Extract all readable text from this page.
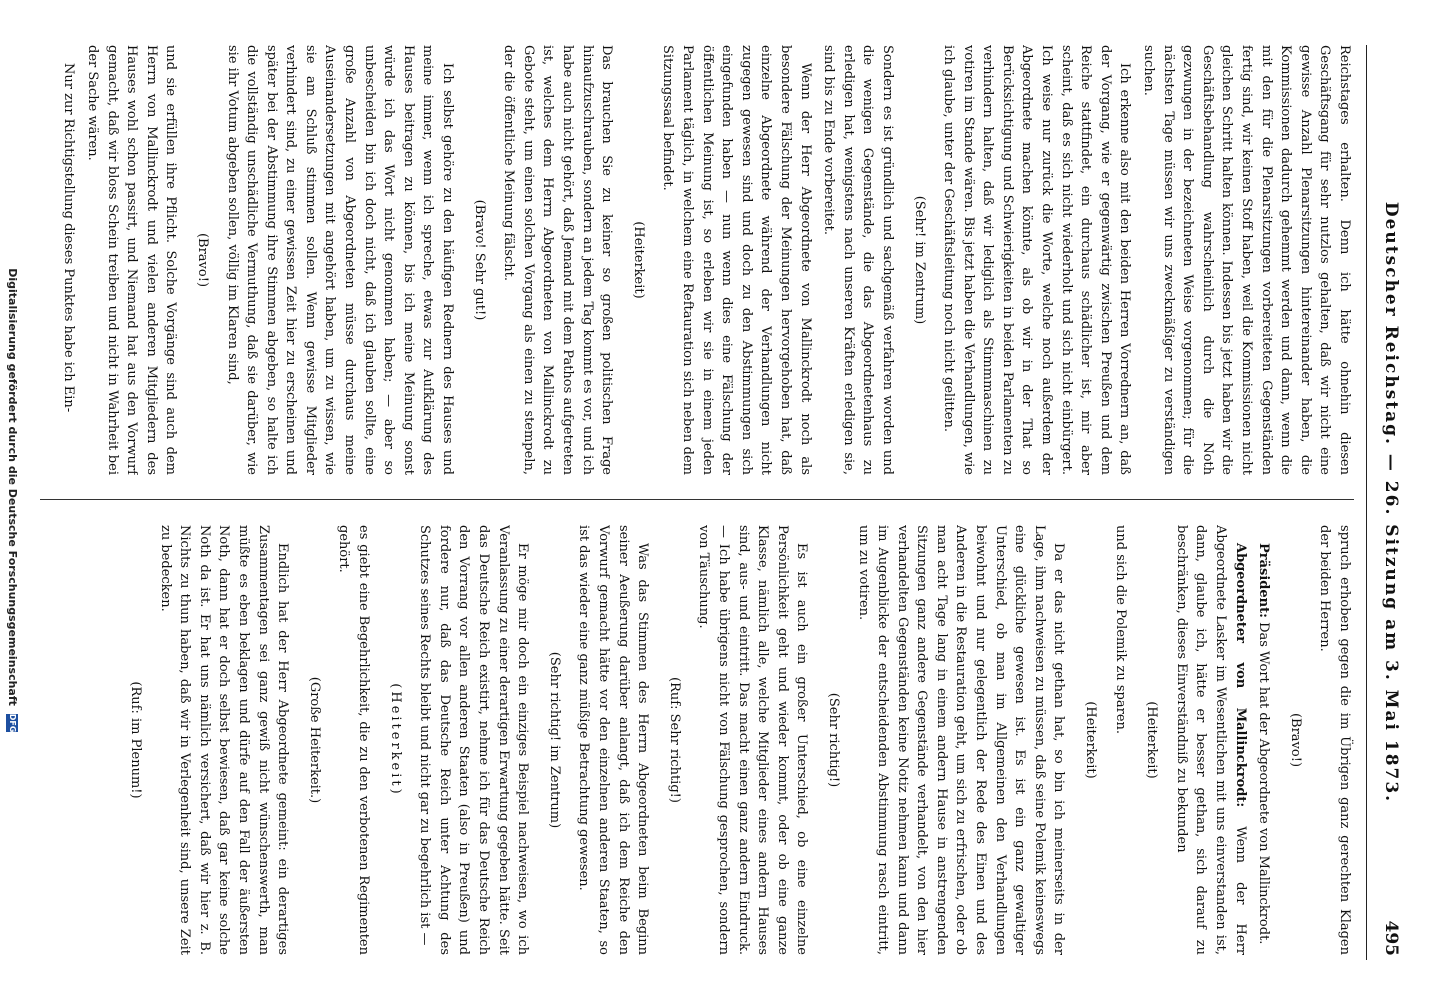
Deutscher Reichstag. — 26. Sitzung am 3. Mai 1873.
495

Reichstages erhalten. Denn ich hätte ohnehin diesen Geschäftsgang für sehr nutzlos gehalten, daß wir nicht eine gewisse Anzahl Plenarsitzungen hintereinander haben, die Kommissionen dadurch gehemmt werden und dann, wenn die mit den für die Plenarsitzungen vorbereiteten Gegenständen fertig sind, wir keinen Stoff haben, weil die Kommissionen nicht gleichen Schritt halten können. Indessen bis jetzt haben wir die Geschäftsbehandlung wahrscheinlich durch die Noth gezwungen in der bezeichneten Weise vorgenommen; für die nächsten Tage müssen wir uns zweckmäßiger zu verständigen suchen.

Ich erkenne also mit den beiden Herren Vorrednern an, daß der Vorgang, wie er gegenwärtig zwischen Preußen und dem Reiche stattfindet, ein durchaus schädlicher ist, mir aber scheint, daß es sich nicht wiederholt und sich nicht einbürgert. Ich weise nur zurück die Worte, welche noch außerdem der Abgeordnete machen könnte, als ob wir in der That so Berücksichtigung und Schwierigkeiten in beiden Parlamenten zu verhindern halten, daß wir lediglich als Stimmmaschinen zu votiren im Stande wären. Bis jetzt haben die Verhandlungen, wie ich glaube, unter der Geschäftsleitung noch nicht gelitten.

(Sehr! im Zentrum)

Sondern es ist gründlich und sachgemäß verfahren worden und die wenigen Gegenstände, die das Abgeordnetenhaus zu erledigen hat, wenigstens nach unseren Kräften erledigen sie, sind bis zu Ende vorbereitet.

Wenn der Herr Abgeordnete von Mallinckrodt noch als besondere Fälschung der Meinungen hervorgehoben hat, daß einzelne Abgeordnete während der Verhandlungen nicht zugegen gewesen sind und doch zu den Abstimmungen sich eingefunden haben — nun wenn dies eine Fälschung der öffentlichen Meinung ist, so erleben wir sie in einem jeden Parlament täglich, in welchem eine Reftauration sich neben dem Sitzungssaal befindet.

(Heiterkeit)

Das brauchen Sie zu keiner so großen politischen Frage hinaufzuschrauben, sondern an jedem Tag kommt es vor, und ich habe auch nicht gehört, daß Jemand mit dem Pathos aufgetreten ist, welches dem Herrn Abgeordneten von Mallinckrodt zu Gebote steht, um einen solchen Vorgang als einen zu stempeln, der die öffentliche Meinung fälscht.

(Bravo! Sehr gut!)

Ich selbst gehöre zu den häufigen Rednern des Hauses und meine immer, wenn ich spreche, etwas zur Aufklärung des Hauses beitragen zu können, bis ich meine Meinung sonst würde ich das Wort nicht genommen haben; — aber so unbescheiden bin ich doch nicht, daß ich glauben sollte, eine große Anzahl von Abgeordneten müsse durchaus meine Auseinandersetzungen mit angehört haben, um zu wissen, wie sie am Schluß stimmen sollen. Wenn gewisse Mitglieder verhindert sind, zu einer gewissen Zeit hier zu erscheinen und später bei der Abstimmung ihre Stimmen abgeben, so halte ich die vollständig unschädliche Vermuthung, daß sie darüber, wie sie ihr Votum abgeben sollen, völlig im Klaren sind,

(Bravo!)

und sie erfüllen ihre Pflicht. Solche Vorgänge sind auch dem Herrn von Mallinckrodt und vielen anderen Mitgliedern des Hauses wohl schon passirt, und Niemand hat aus den Vorwurf gemacht, daß wir bloss Schein treiben und nicht in Wahrheit bei der Sache wären.

Nur zur Richtigstellung dieses Punktes habe ich Ein-

spruch erhoben gegen die im Übrigen ganz gerechten Klagen der beiden Herren.

(Bravo!)

Präsident: Das Wort hat der Abgeordnete von Mallinckrodt.

Abgeordneter von Mallinckrodt: Wenn der Herr Abgeordnete Lasker im Wesentlichen mit uns einverstanden ist, dann, glaube ich, hätte er besser gethan, sich darauf zu beschränken, dieses Einverständniß zu bekunden

(Heiterkeit)

und sich die Polemik zu sparen.

(Heiterkeit)

Da er das nicht gethan hat, so bin ich meinerseits in der Lage, ihm nachweisen zu müssen, daß seine Polemik keineswegs eine glückliche gewesen ist. Es ist ein ganz gewaltiger Unterschied, ob man im Allgemeinen den Verhandlungen beiwohnt und nur gelegentlich der Rede des Einen und des Anderen in die Restauration geht, um sich zu erfrischen, oder ob man acht Tage lang in einem andern Hause in anstrengenden Sitzungen ganz andere Gegenstände verhandelt, von den hier verhandelten Gegenständen keine Notiz nehmen kann und dann im Augenblicke der entscheidenden Abstimmung rasch eintritt, um zu votiren.

(Sehr richtig!)

Es ist auch ein großer Unterschied, ob eine einzelne Persönlichkeit geht und wieder kommt, oder ob eine ganze Klasse, nämlich alle, welche Mitglieder eines andern Hauses sind, aus- und eintritt. Das macht einen ganz andern Eindruck. — Ich habe übrigens nicht von Fälschung gesprochen, sondern von Täuschung.

(Ruf: Sehr richtig!)

Was das Stimmen des Herrn Abgeordneten beim Beginn seiner Aeußerung darüber anlangt, daß ich dem Reiche den Vorwurf gemacht hätte vor den einzelnen anderen Staaten, so ist das wieder eine ganz müßige Betrachtung gewesen.

(Sehr richtig! im Zentrum)

Er möge mir doch ein einziges Beispiel nachweisen, wo ich Veranlassung zu einer derartigen Erwartung gegeben hätte. Seit das Deutsche Reich existirt, nehme ich für das Deutsche Reich den Vorrang vor allen anderen Staaten (also in Preußen) und fordere nur, daß das Deutsche Reich unter Achtung des Schutzes seines Rechts bleibt und nicht gar zu begehrlich ist —

(Heiterkeit)

es giebt eine Begehrlichkeit, die zu den verbotenen Regimenten gehört.

(Große Heiterkeit.)

Endlich hat der Herr Abgeordnete gemeint: ein derartiges Zusammentagen sei ganz gewiß nicht wünschenswerth, man müßte es eben beklagen und dürfe auf den Fall der äußersten Noth, dann hat er doch selbst bewiesen, daß gar keine solche Noth da ist. Er hat uns nämlich versichert, daß wir hier z. B. Nichts zu thun haben, daß wir in Verlegenheit sind, unsere Zeit zu bedecken.

(Ruf: im Plenum!)

Digitalisierung gefördert durch die Deutsche Forschungsgemeinschaft DFG
